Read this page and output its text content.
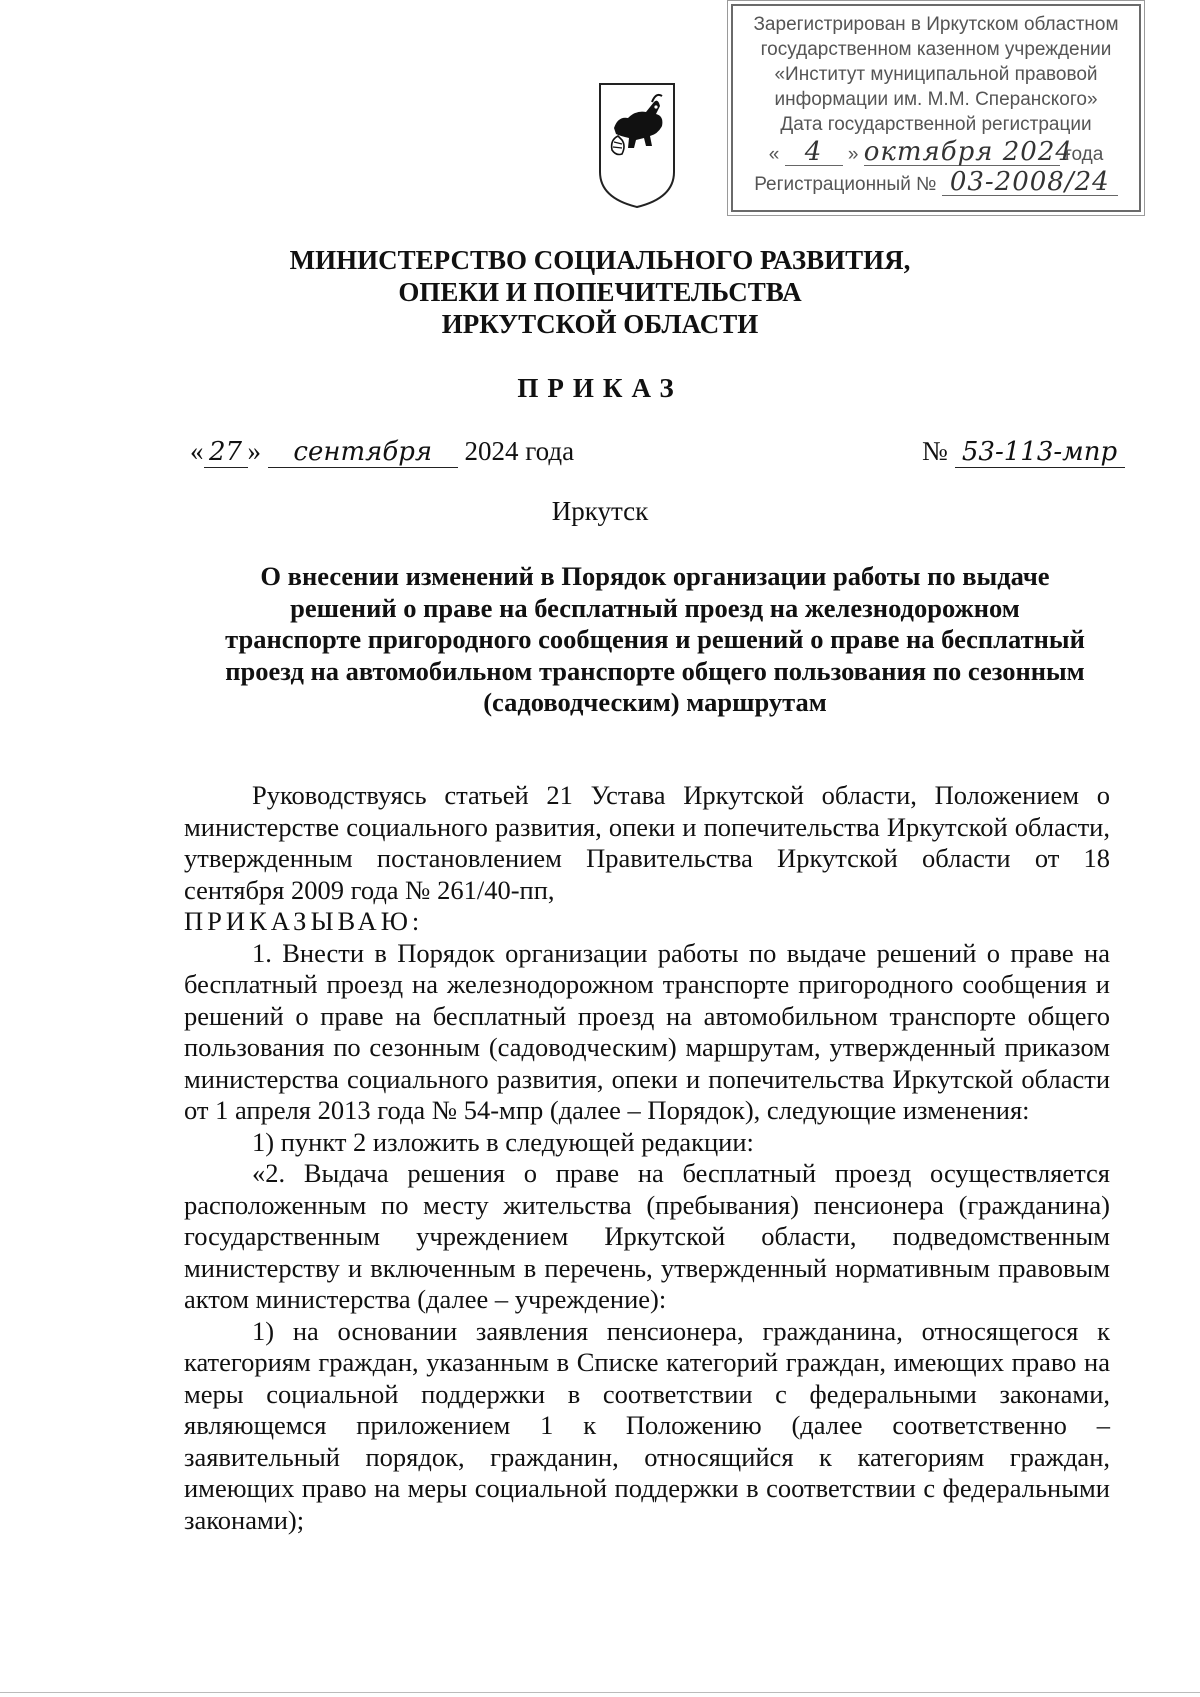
Зарегистрирован в Иркутском областном
государственном казенном учреждении
«Институт муниципальной правовой
информации им. М.М. Сперанского»
Дата государственной регистрации
« 4 » октября 2024 года
Регистрационный № 03-2008/24
МИНИСТЕРСТВО СОЦИАЛЬНОГО РАЗВИТИЯ,
ОПЕКИ И ПОПЕЧИТЕЛЬСТВА
ИРКУТСКОЙ ОБЛАСТИ
ПРИКАЗ
« 27 » сентября 2024 года	№ 53-113-мпр
Иркутск
О внесении изменений в Порядок организации работы по выдаче
решений о праве на бесплатный проезд на железнодорожном
транспорте пригородного сообщения и решений о праве на бесплатный
проезд на автомобильном транспорте общего пользования по сезонным
(садоводческим) маршрутам

Руководствуясь статьей 21 Устава Иркутской области, Положением о министерстве социального развития, опеки и попечительства Иркутской области, утвержденным постановлением Правительства Иркутской области от 18 сентября 2009 года № 261/40-пп,

ПРИКАЗЫВАЮ:

1. Внести в Порядок организации работы по выдаче решений о праве на бесплатный проезд на железнодорожном транспорте пригородного сообщения и решений о праве на бесплатный проезд на автомобильном транспорте общего пользования по сезонным (садоводческим) маршрутам, утвержденный приказом министерства социального развития, опеки и попечительства Иркутской области от 1 апреля 2013 года № 54-мпр (далее – Порядок), следующие изменения:

1) пункт 2 изложить в следующей редакции:

«2. Выдача решения о праве на бесплатный проезд осуществляется расположенным по месту жительства (пребывания) пенсионера (гражданина) государственным учреждением Иркутской области, подведомственным министерству и включенным в перечень, утвержденный нормативным правовым актом министерства (далее – учреждение):

1) на основании заявления пенсионера, гражданина, относящегося к категориям граждан, указанным в Списке категорий граждан, имеющих право на меры социальной поддержки в соответствии с федеральными законами, являющемся приложением 1 к Положению (далее соответственно – заявительный порядок, гражданин, относящийся к категориям граждан, имеющих право на меры социальной поддержки в соответствии с федеральными законами);
